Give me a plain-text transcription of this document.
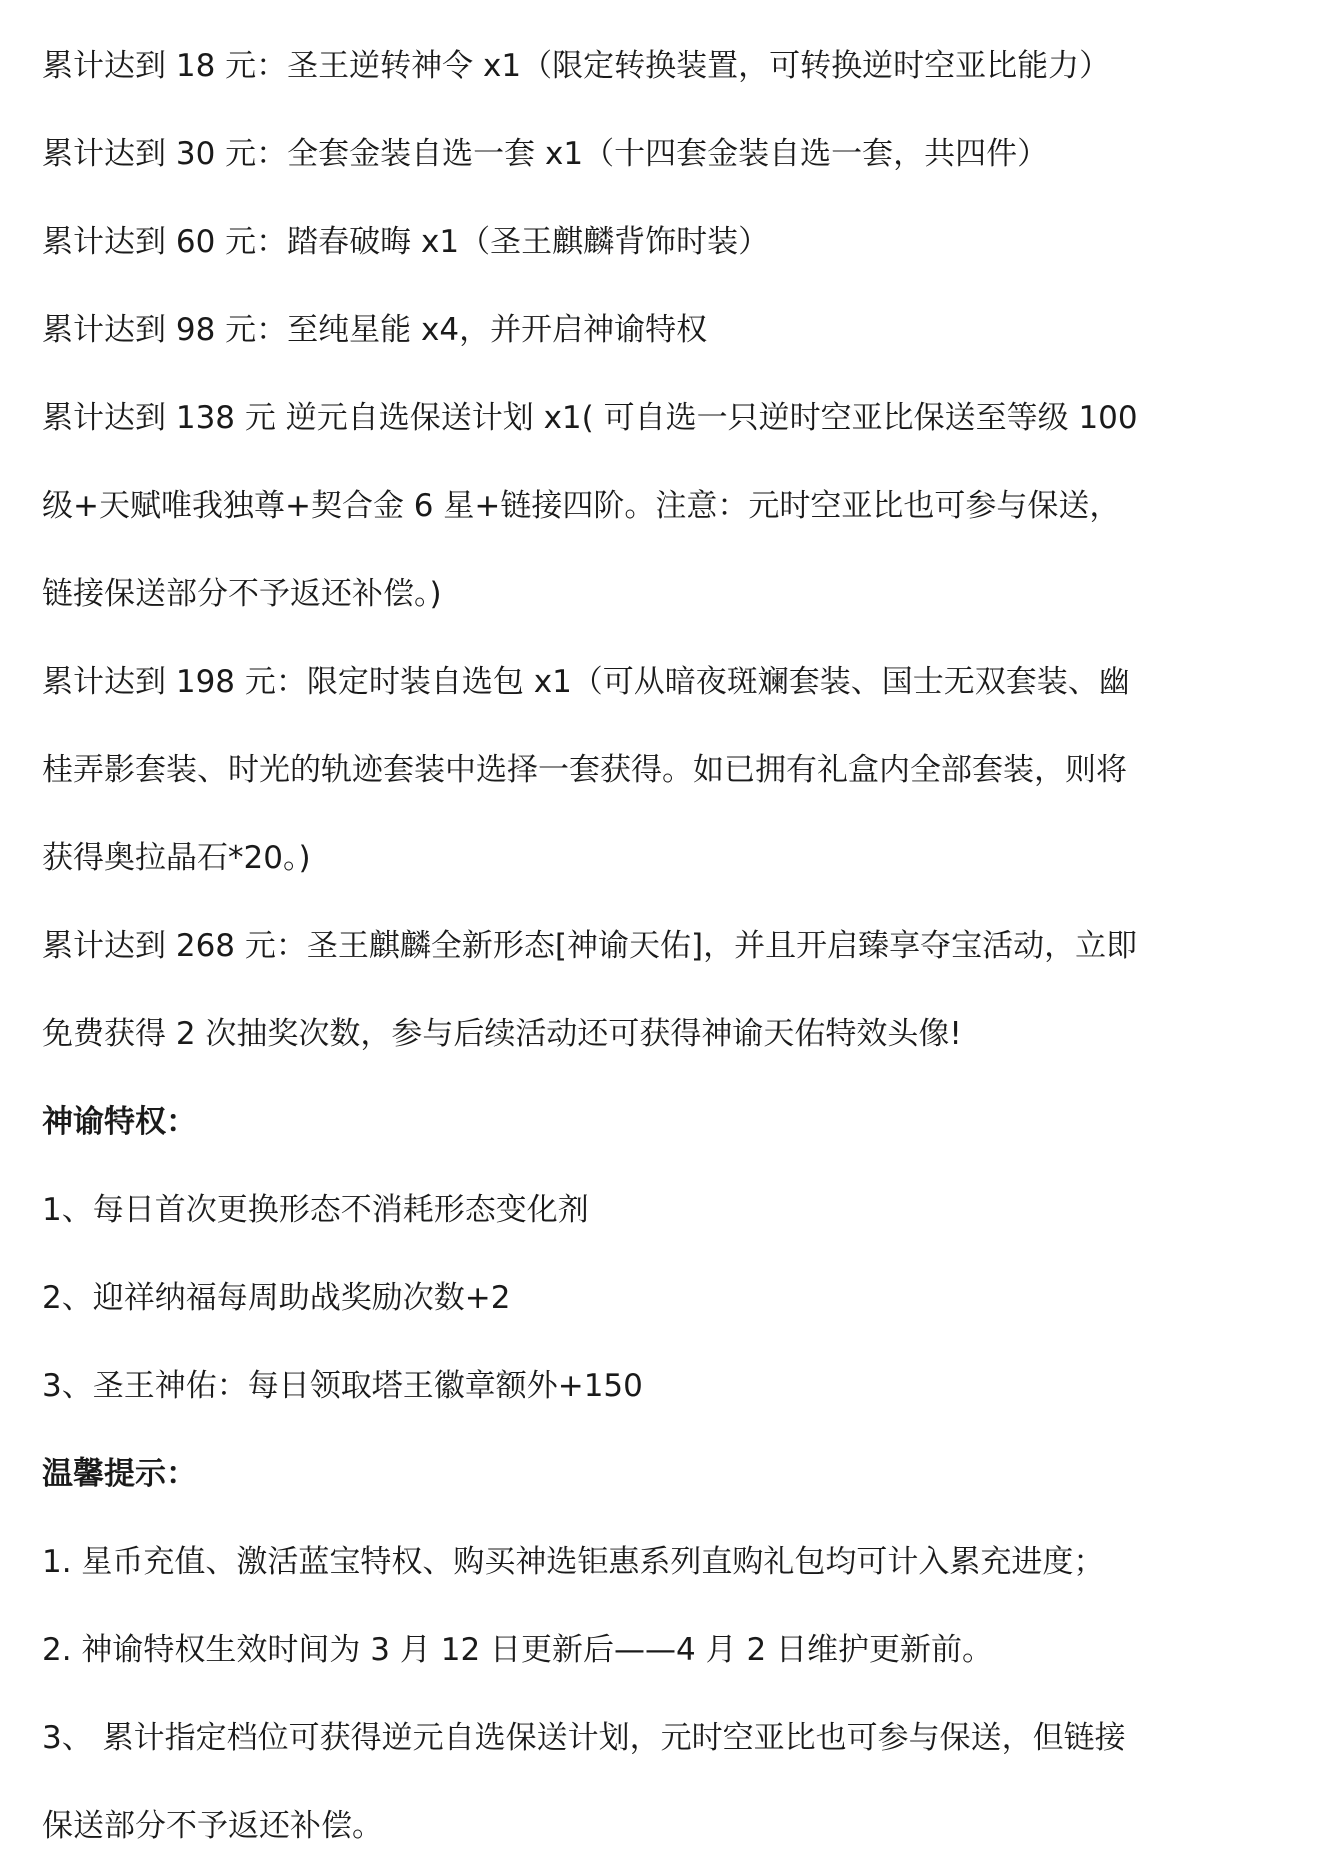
累计达到 18 元：圣王逆转神令 x1（限定转换装置，可转换逆时空亚比能力）
累计达到 30 元：全套金装自选一套 x1（十四套金装自选一套，共四件）
累计达到 60 元：踏春破晦 x1（圣王麒麟背饰时装）
累计达到 98 元：至纯星能 x4，并开启神谕特权
累计达到 138 元 逆元自选保送计划 x1( 可自选一只逆时空亚比保送至等级 100
级+天赋唯我独尊+契合金 6 星+链接四阶。注意：元时空亚比也可参与保送，
链接保送部分不予返还补偿。)
累计达到 198 元：限定时装自选包 x1（可从暗夜斑斓套装、国士无双套装、幽
桂弄影套装、时光的轨迹套装中选择一套获得。如已拥有礼盒内全部套装，则将
获得奥拉晶石*20。)
累计达到 268 元：圣王麒麟全新形态[神谕天佑]，并且开启臻享夺宝活动，立即
免费获得 2 次抽奖次数，参与后续活动还可获得神谕天佑特效头像!
神谕特权：
1、每日首次更换形态不消耗形态变化剂
2、迎祥纳福每周助战奖励次数+2
3、圣王神佑：每日领取塔王徽章额外+150
温馨提示：
1. 星币充值、激活蓝宝特权、购买神选钜惠系列直购礼包均可计入累充进度；
2. 神谕特权生效时间为 3 月 12 日更新后——4 月 2 日维护更新前。
3、 累计指定档位可获得逆元自选保送计划，元时空亚比也可参与保送，但链接
保送部分不予返还补偿。
